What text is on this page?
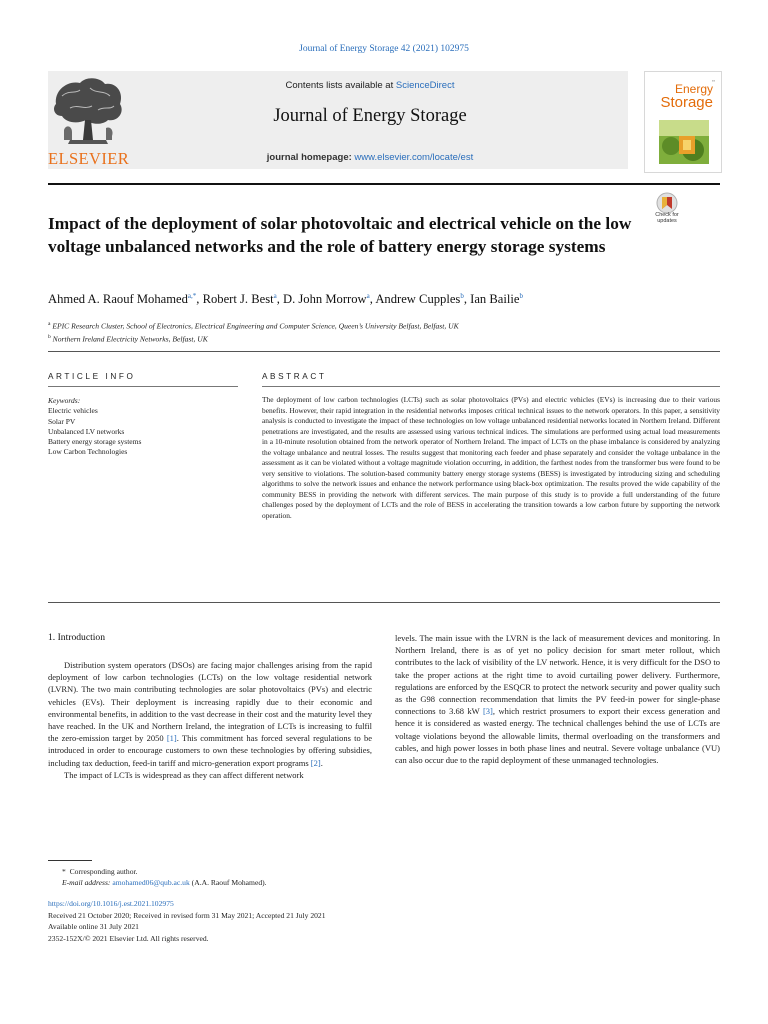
Journal of Energy Storage 42 (2021) 102975
ELSEVIER
Contents lists available at ScienceDirect
Journal of Energy Storage
journal homepage: www.elsevier.com/locate/est
▪▪
Energy
Storage
Check for updates
Impact of the deployment of solar photovoltaic and electrical vehicle on the low voltage unbalanced networks and the role of battery energy storage systems
Ahmed A. Raouf Mohamed$^{a,*}$, Robert J. Best$^a$, D. John Morrow$^a$, Andrew Cupples$^b$, Ian Bailie$^b$
$^a$ EPIC Research Cluster, School of Electronics, Electrical Engineering and Computer Science, Queen’s University Belfast, Belfast, UK
$^b$ Northern Ireland Electricity Networks, Belfast, UK
ARTICLE INFO
Keywords:
Electric vehicles
Solar PV
Unbalanced LV networks
Battery energy storage systems
Low Carbon Technologies
ABSTRACT
The deployment of low carbon technologies (LCTs) such as solar photovoltaics (PVs) and electric vehicles (EVs) is increasing due to their various benefits. However, their rapid integration in the residential networks imposes critical technical issues to the network operators. In this paper, a sensitivity analysis is conducted to investigate the impact of these technologies on low voltage unbalanced residential networks located in Northern Ireland. Different penetrations are investigated, and the results are assessed using various technical indices. The simulations are performed using actual load measurements in a 10-minute resolution obtained from the network operator of Northern Ireland. The impact of LCTs on the phase imbalance is considered by analyzing the voltage unbalance and neutral losses. The results suggest that monitoring each feeder and phase separately and consider the voltage unbalance in the assessment as it can be violated without a voltage magnitude violation occurring, in addition, the farthest nodes from the transformer bus were found to be very sensitive to violations. The solution-based community battery energy storage systems (BESS) is investigated by introducing sizing and scheduling algorithms to solve the network issues and enhance the network performance using black-box optimization. The results proved the wide capability of the community BESS in providing the network with different services. The main purpose of this study is to provide a full understanding of the future challenges posed by the deployment of LCTs and the role of BESS in accelerating the transition towards a low carbon future by supporting the network operation.
1. Introduction

Distribution system operators (DSOs) are facing major challenges arising from the rapid deployment of low carbon technologies (LCTs) on the low voltage residential network (LVRN). The two main contributing technologies are solar photovoltaics (PVs) and electric vehicles (EVs). Their deployment is increasing rapidly due to their economic and environmental benefits, in addition to the vast decrease in their cost and the maturity level they have reached. In the UK and Northern Ireland, the integration of LCTs is increasing to fulfil the zero-emission target by 2050 [1]. This commitment has forced several regulations to be introduced in order to encourage customers to own these technologies by offering subsidies, including tax deduction, feed-in tariff and micro-generation export programs [2].

The impact of LCTs is widespread as they can affect different network

levels. The main issue with the LVRN is the lack of measurement devices and monitoring. In Northern Ireland, there is as of yet no policy decision for smart meter rollout, which contributes to the lack of visibility of the LV network. Hence, it is very difficult for the DSO to take the proper actions at the right time to avoid curtailing power delivery. Furthermore, regulations are enforced by the ESQCR to protect the network security and power quality such as the G98 connection recommendation that limits the PV feed-in power for single-phase connections to 3.68 kW [3], which restrict prosumers to export their excess generation and hence it is considered as wasted energy. The technical challenges behind the use of LCTs are voltage violations beyond the allowable limits, thermal overloading on the transformers and cables, and high power losses in both phase lines and neutral. Severe voltage unbalance (VU) can also occur due to the rapid deployment of these unmanaged technologies.

* Corresponding author.
E-mail address: amohamed06@qub.ac.uk (A.A. Raouf Mohamed).
https://doi.org/10.1016/j.est.2021.102975
Received 21 October 2020; Received in revised form 31 May 2021; Accepted 21 July 2021
Available online 31 July 2021
2352-152X/© 2021 Elsevier Ltd. All rights reserved.
